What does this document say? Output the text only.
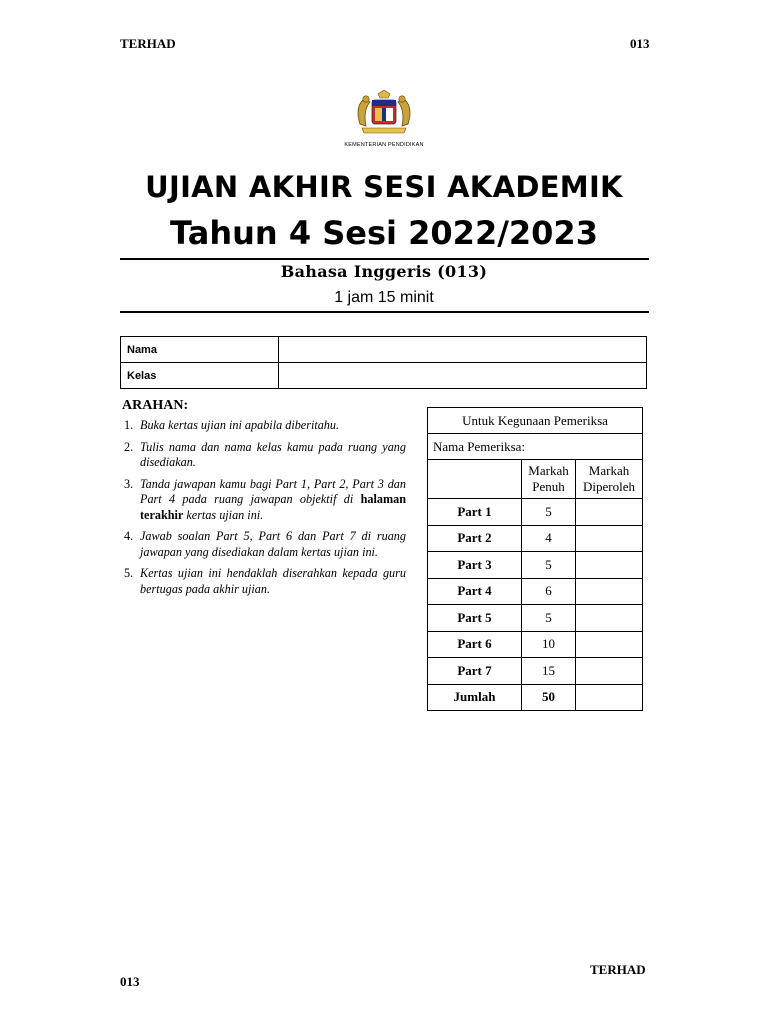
TERHAD	013
KEMENTERIAN PENDIDIKAN
UJIAN AKHIR SESI AKADEMIK
Tahun 4 Sesi 2022/2023
Bahasa Inggeris (013)
1 jam 15 minit
Nama	
Kelas	
ARAHAN:
1. Buka kertas ujian ini apabila diberitahu.
2. Tulis nama dan nama kelas kamu pada ruang yang disediakan.
3. Tanda jawapan kamu bagi Part 1, Part 2, Part 3 dan Part 4 pada ruang jawapan objektif di halaman terakhir kertas ujian ini.
4. Jawab soalan Part 5, Part 6 dan Part 7 di ruang jawapan yang disediakan dalam kertas ujian ini.
5. Kertas ujian ini hendaklah diserahkan kepada guru bertugas pada akhir ujian.
Untuk Kegunaan Pemeriksa		
Nama Pemeriksa:		
	Markah Penuh	Markah Diperoleh
Part 1	5	
Part 2	4	
Part 3	5	
Part 4	6	
Part 5	5	
Part 6	10	
Part 7	15	
Jumlah	50	
TERHAD
013
